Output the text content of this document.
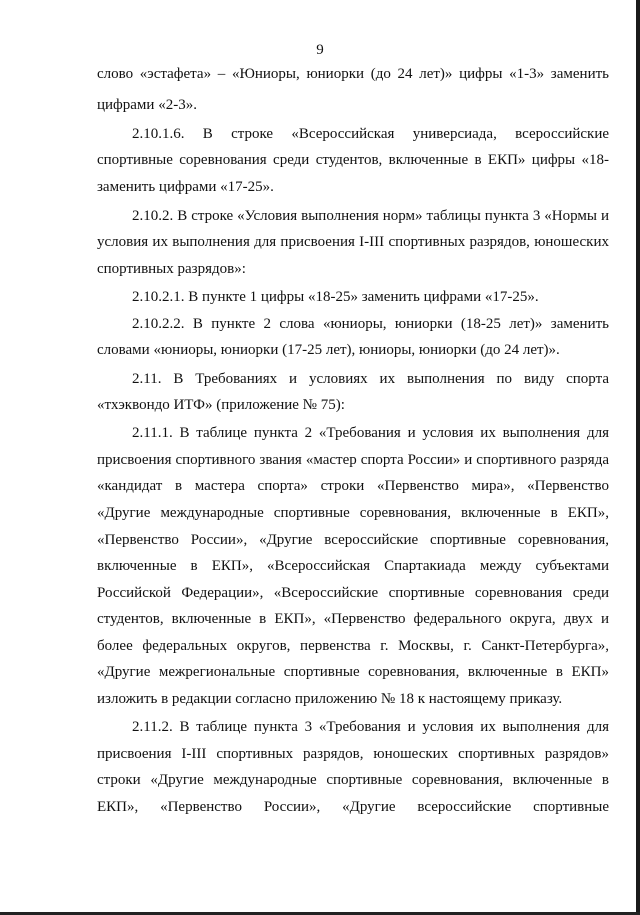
9
слово «эстафета» – «Юниоры, юниорки (до 24 лет)» цифры «1-3» заменить
цифрами «2-3».
2.10.1.6. В строке «Всероссийская универсиада, всероссийские
спортивные соревнования среди студентов, включенные в ЕКП» цифры «18-
заменить цифрами «17-25».
2.10.2. В строке «Условия выполнения норм» таблицы пункта 3 «Нормы и
условия их выполнения для присвоения I-III спортивных разрядов, юношеских
спортивных разрядов»:
2.10.2.1. В пункте 1 цифры «18-25» заменить цифрами «17-25».
2.10.2.2. В пункте 2 слова «юниоры, юниорки (18-25 лет)» заменить
словами «юниоры, юниорки (17-25 лет), юниоры, юниорки (до 24 лет)».
2.11. В Требованиях и условиях их выполнения по виду спорта
«тхэквондо ИТФ» (приложение № 75):
2.11.1. В таблице пункта 2 «Требования и условия их выполнения для
присвоения спортивного звания «мастер спорта России» и спортивного разряда
«кандидат в мастера спорта» строки «Первенство мира», «Первенство
«Другие международные спортивные соревнования, включенные в ЕКП»,
«Первенство России», «Другие всероссийские спортивные соревнования,
включенные в ЕКП», «Всероссийская Спартакиада между субъектами
Российской Федерации», «Всероссийские спортивные соревнования среди
студентов, включенные в ЕКП», «Первенство федерального округа, двух и
более федеральных округов, первенства г. Москвы, г. Санкт-Петербурга»,
«Другие межрегиональные спортивные соревнования, включенные в ЕКП»
изложить в редакции согласно приложению № 18 к настоящему приказу.
2.11.2. В таблице пункта 3 «Требования и условия их выполнения для
присвоения I-III спортивных разрядов, юношеских спортивных разрядов»
строки «Другие международные спортивные соревнования, включенные в
ЕКП», «Первенство России», «Другие всероссийские спортивные
